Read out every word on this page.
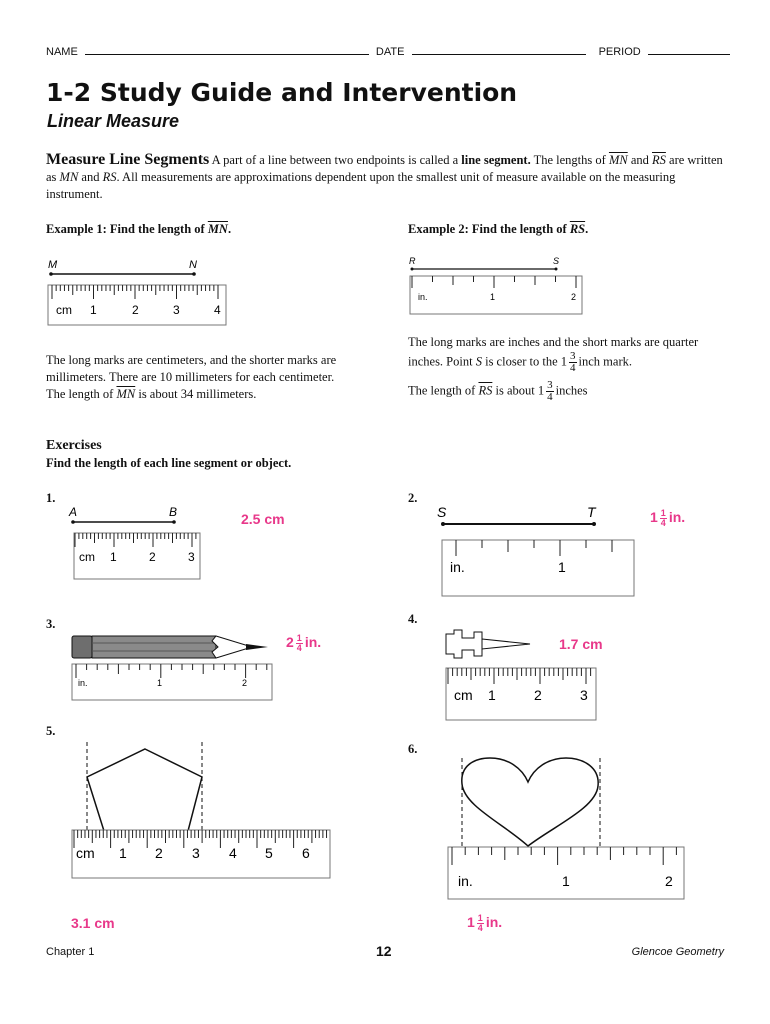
NAME	DATE	PERIOD
1-2 Study Guide and Intervention
Linear Measure
Measure Line Segments A part of a line between two endpoints is called a line segment. The lengths of $\overline{MN}$ and $\overline{RS}$ are written as MN and RS. All measurements are approximations dependent upon the smallest unit of measure available on the measuring instrument.
Example 1: Find the length of $\overline{MN}$.
M	N
cm 1	2	3	4
The long marks are centimeters, and the shorter marks are millimeters. There are 10 millimeters for each centimeter. The length of $\overline{MN}$ is about 34 millimeters.
Example 2: Find the length of $\overline{RS}$.
R	S
in.	1	2
The long marks are inches and the short marks are quarter inches. Point S is closer to the $1 \frac{3}{4}$ inch mark.
The length of $\overline{RS}$ is about $1 \frac{3}{4}$ inches
Exercises
Find the length of each line segment or object.
1.
A	B
cm 1	2	3
2.5 cm
2.
S	T
in.	1
$1 \frac{1}{4}$ in.
3.
in.	1	2
$2 \frac{1}{4}$ in.
4.
cm 1	2	3
1.7 cm
5.
cm 1 2 3 4 5 6
3.1 cm
6.
in.	1	2
$1 \frac{1}{4}$ in.
Chapter 1	12	Glencoe Geometry
